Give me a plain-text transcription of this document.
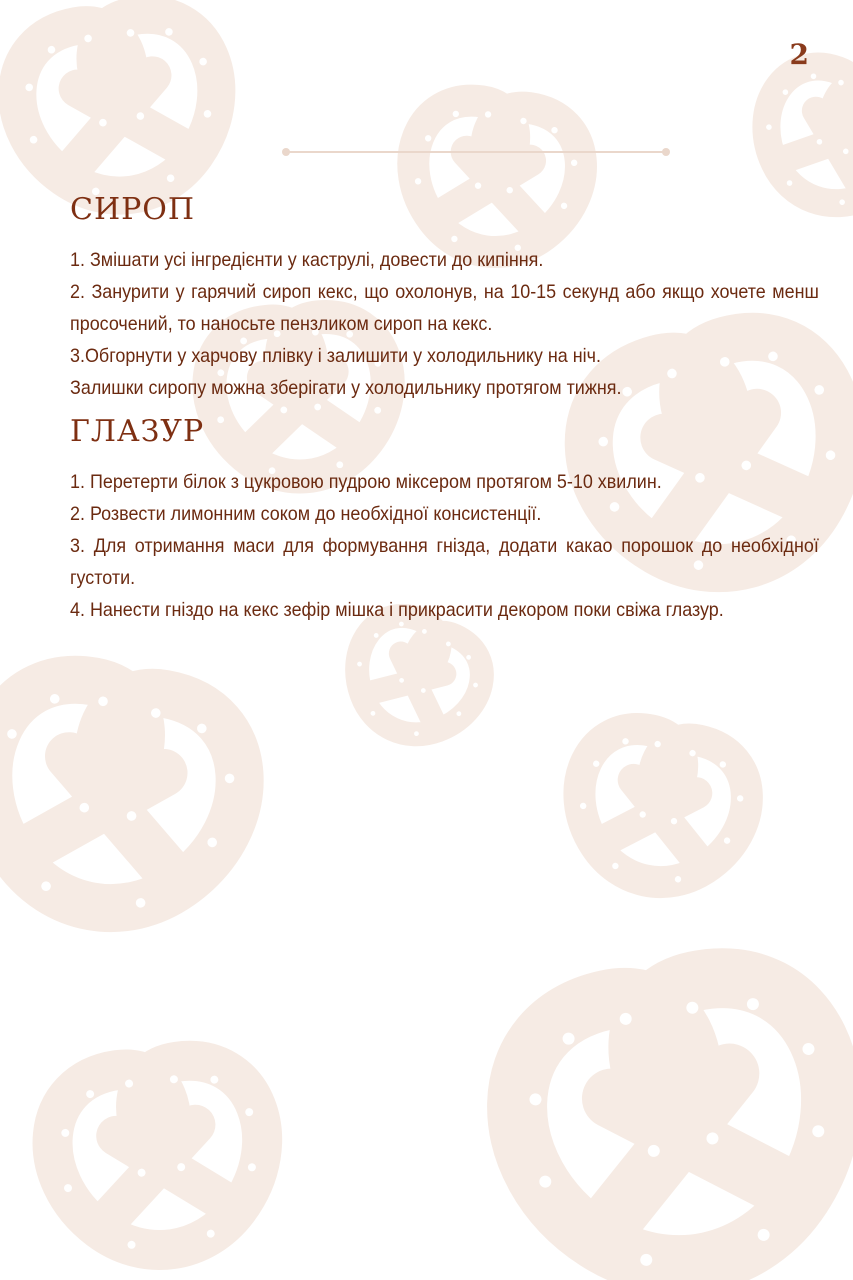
2

СИРОП

1. Змішати усі інгредієнти у каструлі, довести до кипіння.

2. Занурити у гарячий сироп кекс, що охолонув, на 10-15 секунд або якщо хочете менш просочений, то наносьте пензликом сироп на кекс.

3.Обгорнути у харчову плівку і залишити у холодильнику на ніч.

Залишки сиропу можна зберігати у холодильнику протягом тижня.

ГЛАЗУР

1. Перетерти білок з цукровою пудрою міксером протягом 5-10 хвилин.

2. Розвести лимонним соком до необхідної консистенції.

3. Для отримання маси для формування гнізда, додати какао порошок до необхідної густоти.

4. Нанести гніздо на кекс зефір мішка і прикрасити декором поки свіжа глазур.
